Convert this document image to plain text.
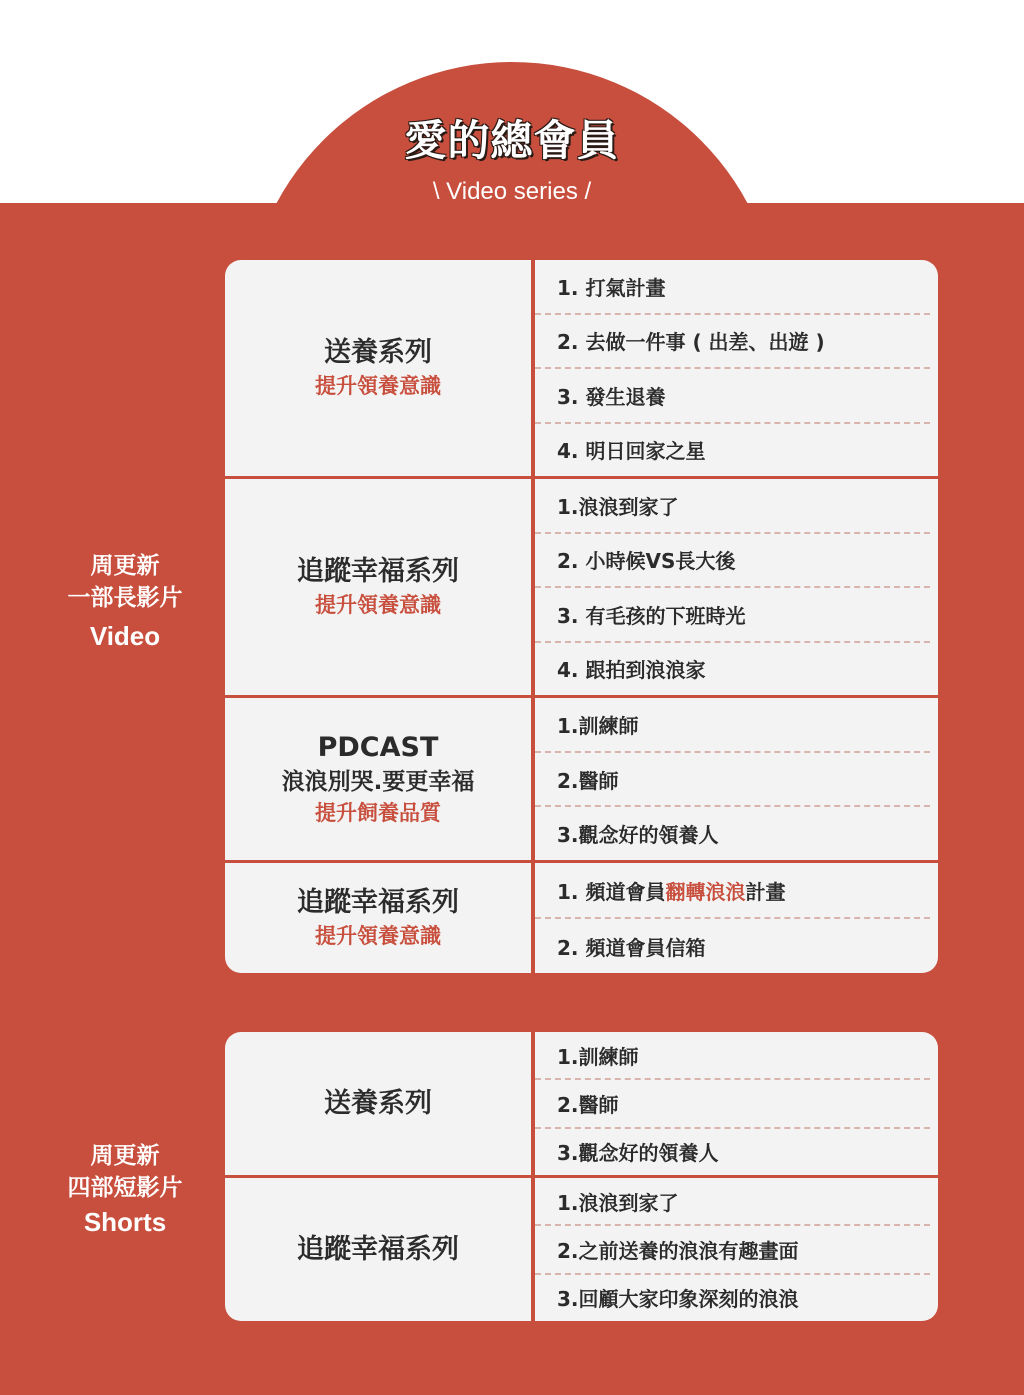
愛的總會員
\ Video series /
周更新
一部長影片
Video
送養系列
提升領養意識
1. 打氣計畫
2. 去做一件事 ( 出差、出遊 )
3. 發生退養
4. 明日回家之星
追蹤幸福系列
提升領養意識
1.浪浪到家了
2. 小時候VS長大後
3. 有毛孩的下班時光
4. 跟拍到浪浪家
PDCAST
浪浪別哭.要更幸福
提升飼養品質
1.訓練師
2.醫師
3.觀念好的領養人
追蹤幸福系列
提升領養意識
1. 頻道會員 翻轉浪浪 計畫
2. 頻道會員信箱
周更新
四部短影片
Shorts
送養系列
1.訓練師
2.醫師
3.觀念好的領養人
追蹤幸福系列
1.浪浪到家了
2.之前送養的浪浪有趣畫面
3.回顧大家印象深刻的浪浪
